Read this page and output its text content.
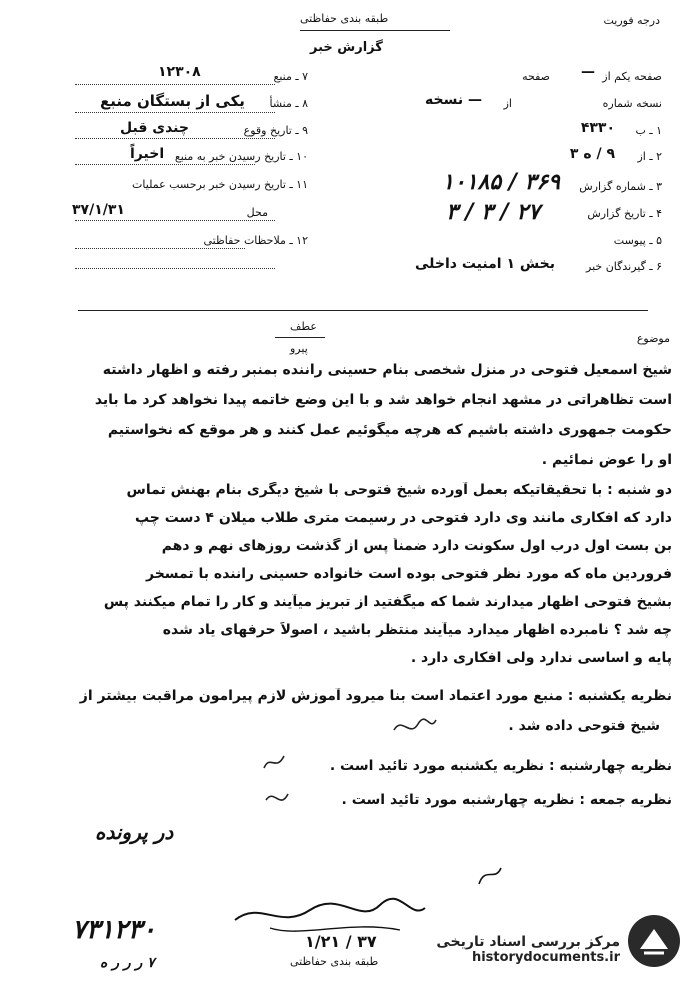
درجه فوریت
طبقه بندی حفاظتی
گزارش خبر
صفحه یکم از
صفحه —
نسخه شماره
از
— نسخه
۱ ـ ب
۴۳۳۰
۲ ـ از
۹ / ه ۳
۳ ـ شماره گزارش
۳۶۹ / ۱۰۱۸۵
۴ ـ تاریخ گزارش
۲۷ / ۳ / ۳
۵ ـ پیوست
۶ ـ گیرندگان خبر
بخش ۱ امنیت داخلی
۷ ـ منبع
۱۲۳۰۸
۸ ـ منشأ
یکی از بستگان منبع
۹ ـ تاریخ وقوع
چندی قبل
۱۰ ـ تاریخ رسیدن خبر به منبع
اخیراً
۱۱ ـ تاریخ رسیدن خبر برحسب عملیات
محل
۳۷/۱/۳۱
۱۲ ـ ملاحظات حفاظتی
عطف
پیرو
موضوع
شیخ اسمعیل فتوحی در منزل شخصی بنام حسینی راننده بمنبر رفته و اظهار داشته
است تظاهراتی در مشهد انجام خواهد شد و با این وضع خاتمه پیدا نخواهد کرد ما باید
حکومت جمهوری داشته باشیم که هرچه میگوئیم عمل کنند و هر موقع که نخواستیم
او را عوض نمائیم .
دو شنبه : با تحقیقاتیکه بعمل آورده شیخ فتوحی با شیخ دیگری بنام بهنش تماس
دارد که افکاری مانند وی دارد فتوحی در رسیمت متری طلاب میلان ۴ دست چپ
بن بست اول درب اول سکونت دارد ضمناً پس از گذشت روزهای نهم و دهم
فروردین ماه که مورد نظر فتوحی بوده است خانواده حسینی راننده با تمسخر
بشیخ فتوحی اظهار میدارند شما که میگفتید از تبریز میآیند و کار را تمام میکنند پس
چه شد ؟ نامبرده اظهار میدارد میآیند منتظر باشید ، اصولاً حرفهای یاد شده
پایه و اساسی ندارد ولی افکاری دارد .
نظریه یکشنبه : منبع مورد اعتماد است بنا میرود آموزش لازم پیرامون مراقبت بیشتر از
شیخ فتوحی داده شد .
نظریه چهارشنبه : نظریه یکشنبه مورد تائید است .
نظریه جمعه : نظریه چهارشنبه مورد تائید است .
در پرونده
۷۳۱۲۳۰
۷ ر ر ر ه
۱/۲۱ / ۳۷
طبقه بندی حفاظتی
مرکز بررسی اسناد تاریخی
historydocuments.ir
